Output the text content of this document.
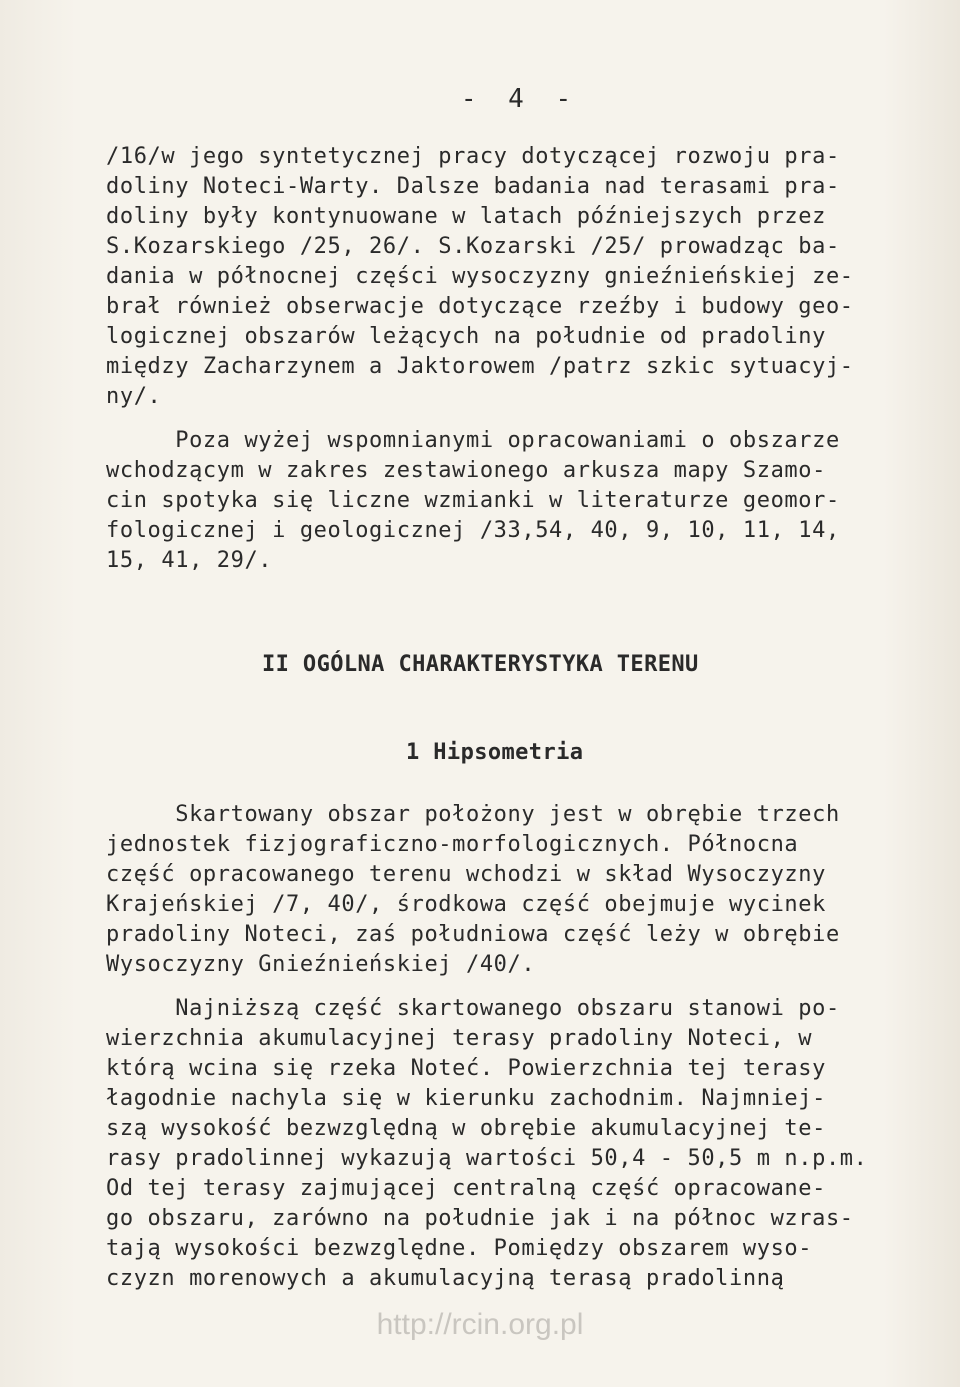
- 4 -
/16/w jego syntetycznej pracy dotyczącej rozwoju pra-
doliny Noteci-Warty. Dalsze badania nad terasami pra-
doliny były kontynuowane w latach późniejszych przez
S.Kozarskiego /25, 26/. S.Kozarski /25/ prowadząc ba-
dania w północnej części wysoczyzny gnieźnieńskiej ze-
brał również obserwacje dotyczące rzeźby i budowy geo-
logicznej obszarów leżących na południe od pradoliny
między Zacharzynem a Jaktorowem /patrz szkic sytuacyj-
ny/.
Poza wyżej wspomnianymi opracowaniami o obszarze
wchodzącym w zakres zestawionego arkusza mapy Szamo-
cin spotyka się liczne wzmianki w literaturze geomor-
fologicznej i geologicznej /33,54, 40, 9, 10, 11, 14,
15, 41, 29/.
II OGÓLNA CHARAKTERYSTYKA TERENU
1 Hipsometria
Skartowany obszar położony jest w obrębie trzech
jednostek fizjograficzno-morfologicznych. Północna
część opracowanego terenu wchodzi w skład Wysoczyzny
Krajeńskiej /7, 40/, środkowa część obejmuje wycinek
pradoliny Noteci, zaś południowa część leży w obrębie
Wysoczyzny Gnieźnieńskiej /40/.
Najniższą część skartowanego obszaru stanowi po-
wierzchnia akumulacyjnej terasy pradoliny Noteci, w
którą wcina się rzeka Noteć. Powierzchnia tej terasy
łagodnie nachyla się w kierunku zachodnim. Najmniej-
szą wysokość bezwzględną w obrębie akumulacyjnej te-
rasy pradolinnej wykazują wartości 50,4 - 50,5 m n.p.m.
Od tej terasy zajmującej centralną część opracowane-
go obszaru, zarówno na południe jak i na północ wzras-
tają wysokości bezwzględne. Pomiędzy obszarem wyso-
czyzn morenowych a akumulacyjną terasą pradolinną
http://rcin.org.pl
